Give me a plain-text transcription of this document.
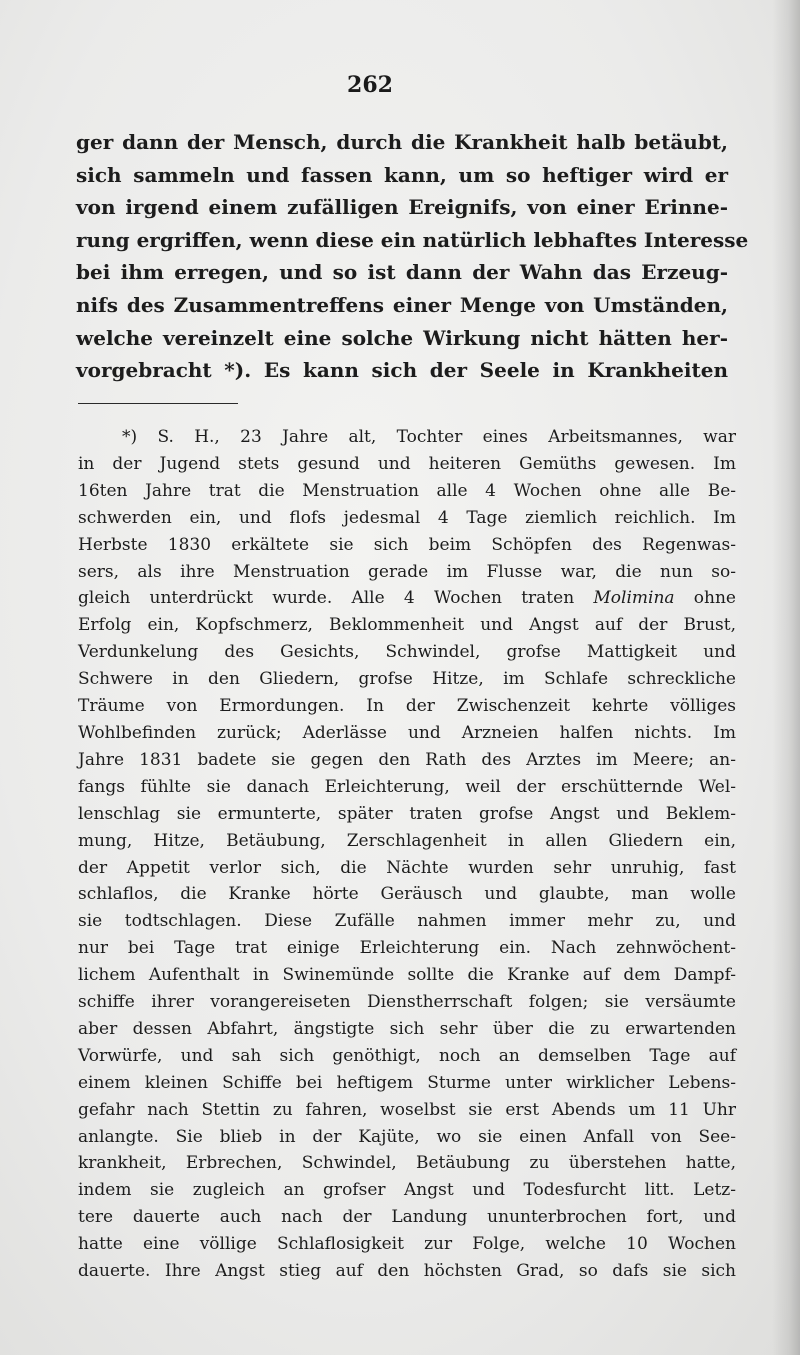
262
ger dann der Mensch, durch die Krankheit halb betäubt,
sich sammeln und fassen kann, um so heftiger wird er
von irgend einem zufälligen Ereignifs, von einer Erinne-
rung ergriffen, wenn diese ein natürlich lebhaftes Interesse
bei ihm erregen, und so ist dann der Wahn das Erzeug-
nifs des Zusammentreffens einer Menge von Umständen,
welche vereinzelt eine solche Wirkung nicht hätten her-
vorgebracht *). Es kann sich der Seele in Krankheiten
*) S. H., 23 Jahre alt, Tochter eines Arbeitsmannes, war
in der Jugend stets gesund und heiteren Gemüths gewesen. Im
16ten Jahre trat die Menstruation alle 4 Wochen ohne alle Be-
schwerden ein, und flofs jedesmal 4 Tage ziemlich reichlich. Im
Herbste 1830 erkältete sie sich beim Schöpfen des Regenwas-
sers, als ihre Menstruation gerade im Flusse war, die nun so-
gleich unterdrückt wurde. Alle 4 Wochen traten Molimina ohne
Erfolg ein, Kopfschmerz, Beklommenheit und Angst auf der Brust,
Verdunkelung des Gesichts, Schwindel, grofse Mattigkeit und
Schwere in den Gliedern, grofse Hitze, im Schlafe schreckliche
Träume von Ermordungen. In der Zwischenzeit kehrte völliges
Wohlbefinden zurück; Aderlässe und Arzneien halfen nichts. Im
Jahre 1831 badete sie gegen den Rath des Arztes im Meere; an-
fangs fühlte sie danach Erleichterung, weil der erschütternde Wel-
lenschlag sie ermunterte, später traten grofse Angst und Beklem-
mung, Hitze, Betäubung, Zerschlagenheit in allen Gliedern ein,
der Appetit verlor sich, die Nächte wurden sehr unruhig, fast
schlaflos, die Kranke hörte Geräusch und glaubte, man wolle
sie todtschlagen. Diese Zufälle nahmen immer mehr zu, und
nur bei Tage trat einige Erleichterung ein. Nach zehnwöchent-
lichem Aufenthalt in Swinemünde sollte die Kranke auf dem Dampf-
schiffe ihrer vorangereiseten Dienstherrschaft folgen; sie versäumte
aber dessen Abfahrt, ängstigte sich sehr über die zu erwartenden
Vorwürfe, und sah sich genöthigt, noch an demselben Tage auf
einem kleinen Schiffe bei heftigem Sturme unter wirklicher Lebens-
gefahr nach Stettin zu fahren, woselbst sie erst Abends um 11 Uhr
anlangte. Sie blieb in der Kajüte, wo sie einen Anfall von See-
krankheit, Erbrechen, Schwindel, Betäubung zu überstehen hatte,
indem sie zugleich an grofser Angst und Todesfurcht litt. Letz-
tere dauerte auch nach der Landung ununterbrochen fort, und
hatte eine völlige Schlaflosigkeit zur Folge, welche 10 Wochen
dauerte. Ihre Angst stieg auf den höchsten Grad, so dafs sie sich
